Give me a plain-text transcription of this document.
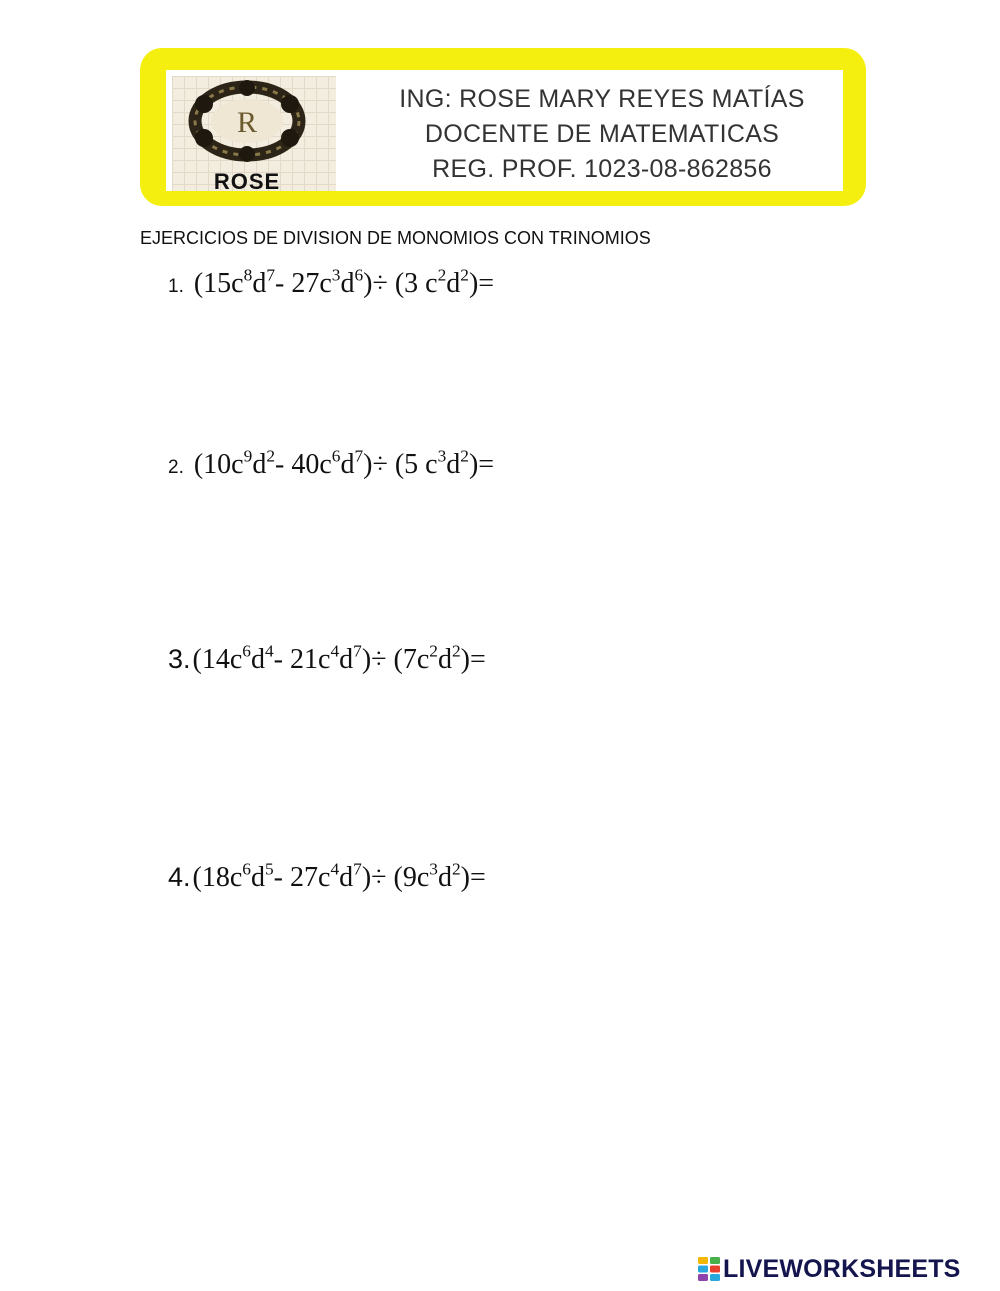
R
ROSE
ING: ROSE MARY REYES MATÍAS
DOCENTE DE MATEMATICAS
REG. PROF. 1023-08-862856
EJERCICIOS DE DIVISION DE MONOMIOS CON TRINOMIOS
1. ($15c^8d^7-$ $27c^3d^6)\div (3$ $c^2d^2)=$
2. ($10c^9d^2-$ $40c^6d^7)\div (5$ $c^3d^2)=$
$3.(14c^6d^4-$ $21c^4d^7)\div (7c^2d^2)=$
$4.(18c^6d^5-$ $27c^4d^7)\div (9c^3d^2)=$
LIVEWORKSHEETS
